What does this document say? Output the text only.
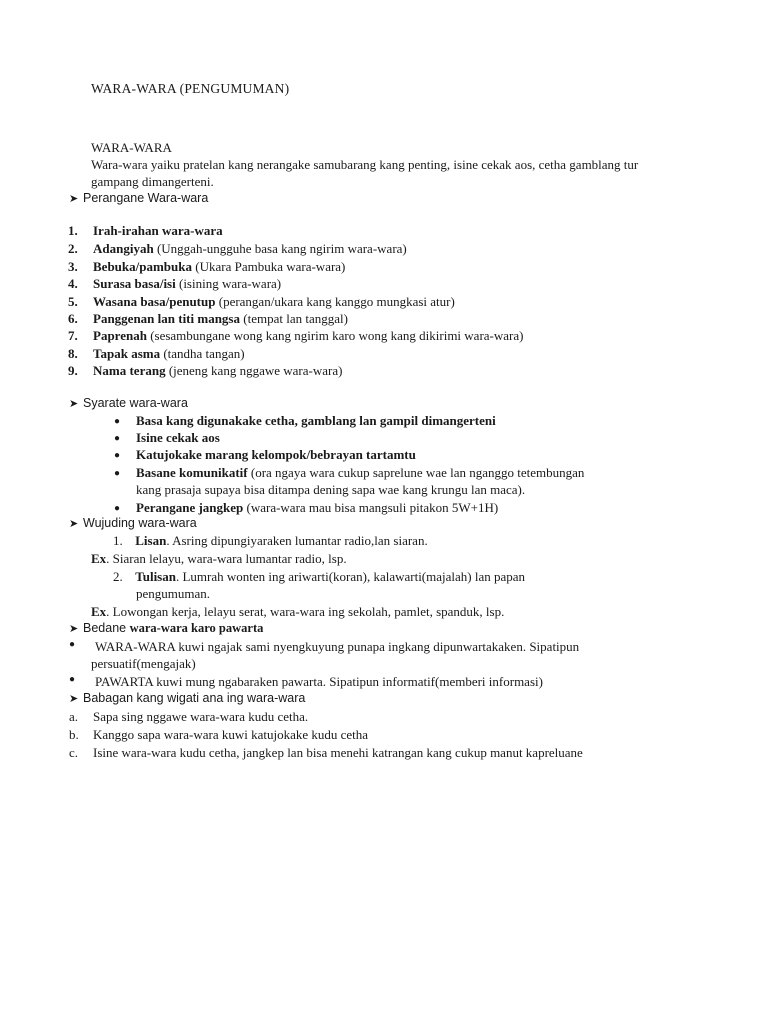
WARA-WARA (PENGUMUMAN)
WARA-WARA
Wara-wara yaiku pratelan kang nerangake samubarang kang penting, isine cekak aos, cetha gamblang tur gampang dimangerteni.
➤ Perangane Wara-wara
1.	Irah-irahan wara-wara
2.	Adangiyah (Unggah-ungguhe basa kang ngirim wara-wara)
3.	Bebuka/pambuka (Ukara Pambuka wara-wara)
4.	Surasa basa/isi (isining wara-wara)
5.	Wasana basa/penutup (perangan/ukara kang kanggo mungkasi atur)
6.	Panggenan lan titi mangsa (tempat lan tanggal)
7.	Paprenah (sesambungane wong kang ngirim karo wong kang dikirimi wara-wara)
8.	Tapak asma (tandha tangan)
9.	Nama terang (jeneng kang nggawe wara-wara)
➤ Syarate wara-wara
● Basa kang digunakake cetha, gamblang lan gampil dimangerteni
● Isine cekak aos
● Katujokake marang kelompok/bebrayan tartamtu
● Basane komunikatif (ora ngaya wara cukup saprelune wae lan nganggo tetembungan
● Perangane jangkep (wara-wara mau bisa mangsuli pitakon 5W+1H)
kang prasaja supaya bisa ditampa dening sapa wae kang krungu lan maca).
➤ Wujuding wara-wara
1. Lisan. Asring dipungiyaraken lumantar radio,lan siaran.
Ex. Siaran lelayu, wara-wara lumantar radio, lsp.
2. Tulisan. Lumrah wonten ing ariwarti(koran), kalawarti(majalah) lan papan
pengumuman.
Ex. Lowongan kerja, lelayu serat, wara-wara ing sekolah, pamlet, spanduk, lsp.
➤ Bedane wara-wara karo pawarta
● WARA-WARA kuwi ngajak sami nyengkuyung punapa ingkang dipunwartakaken. Sipatipun
persuatif(mengajak)
● PAWARTA kuwi mung ngabaraken pawarta. Sipatipun informatif(memberi informasi)
➤ Babagan kang wigati ana ing wara-wara
a. Sapa sing nggawe wara-wara kudu cetha.
b. Kanggo sapa wara-wara kuwi katujokake kudu cetha
c. Isine wara-wara kudu cetha, jangkep lan bisa menehi katrangan kang cukup manut kapreluane
